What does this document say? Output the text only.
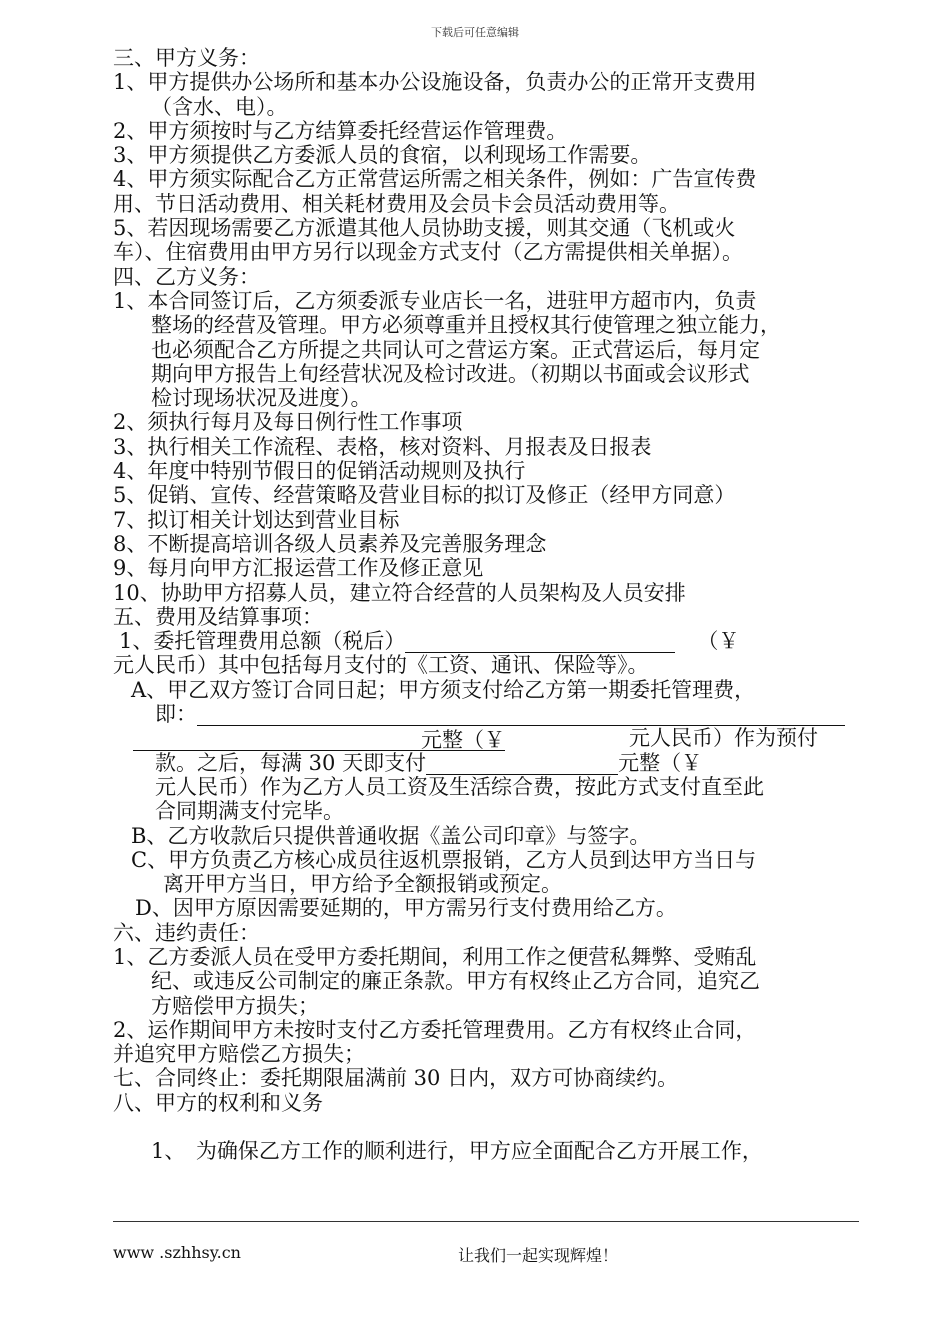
下载后可任意编辑
三、甲方义务：
1、甲方提供办公场所和基本办公设施设备，负责办公的正常开支费用
（含水、电）。
2、甲方须按时与乙方结算委托经营运作管理费。
3、甲方须提供乙方委派人员的食宿，以利现场工作需要。
4、甲方须实际配合乙方正常营运所需之相关条件，例如：广告宣传费
用、节日活动费用、相关耗材费用及会员卡会员活动费用等。
5、若因现场需要乙方派遣其他人员协助支援，则其交通（飞机或火
车）、住宿费用由甲方另行以现金方式支付（乙方需提供相关单据）。
四、乙方义务：
1、本合同签订后，乙方须委派专业店长一名，进驻甲方超市内，负责
整场的经营及管理。甲方必须尊重并且授权其行使管理之独立能力，
也必须配合乙方所提之共同认可之营运方案。正式营运后，每月定
期向甲方报告上旬经营状况及检讨改进。（初期以书面或会议形式
检讨现场状况及进度）。
2、须执行每月及每日例行性工作事项
3、执行相关工作流程、表格，核对资料、月报表及日报表
4、年度中特别节假日的促销活动规则及执行
5、促销、宣传、经营策略及营业目标的拟订及修正（经甲方同意）
7、拟订相关计划达到营业目标
8、不断提高培训各级人员素养及完善服务理念
9、每月向甲方汇报运营工作及修正意见
10、协助甲方招募人员，建立符合经营的人员架构及人员安排
五、费用及结算事项：
1、委托管理费用总额（税后）	（￥
元人民币）其中包括每月支付的《工资、通讯、保险等》。
A、甲乙双方签订合同日起；甲方须支付给乙方第一期委托管理费，
即：
元整（￥	元人民币）作为预付
款。之后，每满 30 天即支付	元整（￥
元人民币）作为乙方人员工资及生活综合费，按此方式支付直至此
合同期满支付完毕。
B、乙方收款后只提供普通收据《盖公司印章》与签字。
C、甲方负责乙方核心成员往返机票报销，乙方人员到达甲方当日与
离开甲方当日，甲方给予全额报销或预定。
D、因甲方原因需要延期的，甲方需另行支付费用给乙方。
六、违约责任：
1、乙方委派人员在受甲方委托期间，利用工作之便营私舞弊、受贿乱
纪、或违反公司制定的廉正条款。甲方有权终止乙方合同，追究乙
方赔偿甲方损失；
2、运作期间甲方未按时支付乙方委托管理费用。乙方有权终止合同，
并追究甲方赔偿乙方损失；
七、合同终止：委托期限届满前 30 日内，双方可协商续约。
八、甲方的权利和义务
1、　为确保乙方工作的顺利进行，甲方应全面配合乙方开展工作，
www .szhhsy.cn	让我们一起实现辉煌！
